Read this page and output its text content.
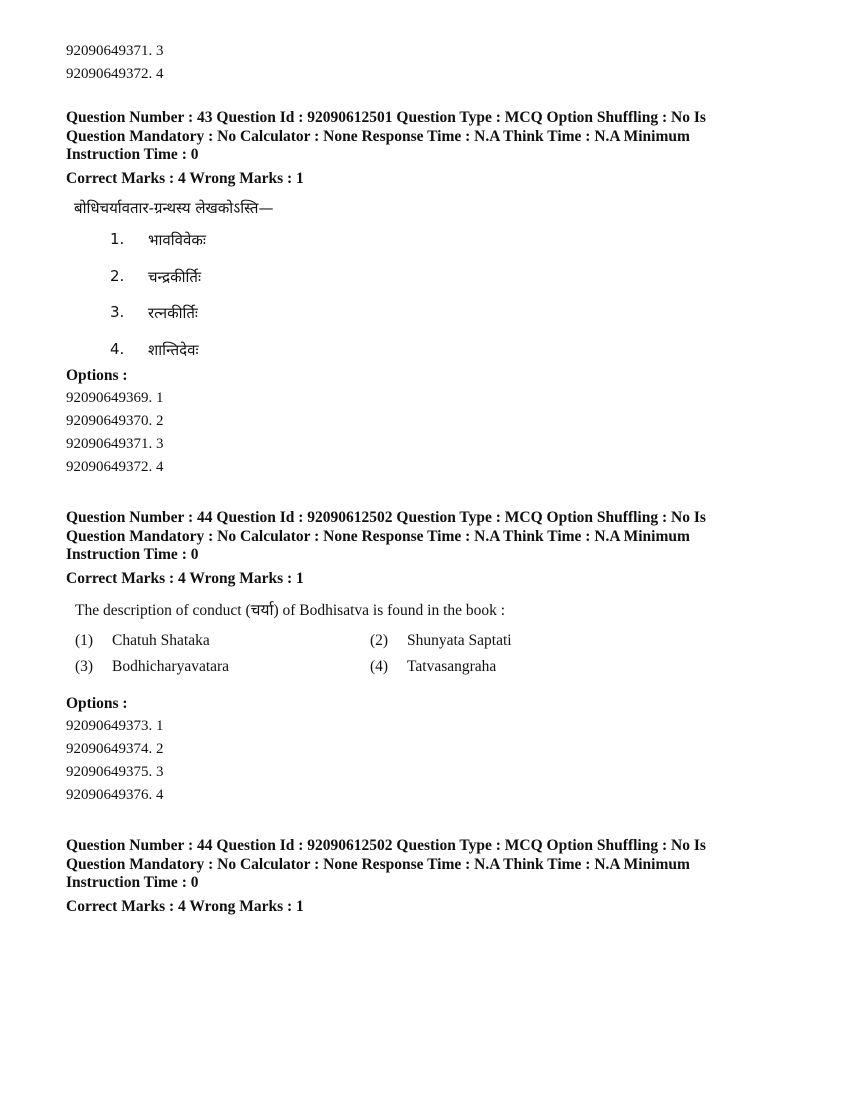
92090649371. 3
92090649372. 4
Question Number : 43 Question Id : 92090612501 Question Type : MCQ Option Shuffling : No Is
Question Mandatory : No Calculator : None Response Time : N.A Think Time : N.A Minimum
Instruction Time : 0
Correct Marks : 4 Wrong Marks : 1
बोधिचर्यावतार-ग्रन्थस्य लेखकोऽस्ति—
1.	भावविवेकः
2.	चन्द्रकीर्तिः
3.	रत्नकीर्तिः
4.	शान्तिदेवः
Options :
92090649369. 1
92090649370. 2
92090649371. 3
92090649372. 4
Question Number : 44 Question Id : 92090612502 Question Type : MCQ Option Shuffling : No Is
Question Mandatory : No Calculator : None Response Time : N.A Think Time : N.A Minimum
Instruction Time : 0
Correct Marks : 4 Wrong Marks : 1
The description of conduct (चर्या) of Bodhisatva is found in the book :
(1)	Chatuh Shataka	(2)	Shunyata Saptati
(3)	Bodhicharyavatara	(4)	Tatvasangraha
Options :
92090649373. 1
92090649374. 2
92090649375. 3
92090649376. 4
Question Number : 44 Question Id : 92090612502 Question Type : MCQ Option Shuffling : No Is
Question Mandatory : No Calculator : None Response Time : N.A Think Time : N.A Minimum
Instruction Time : 0
Correct Marks : 4 Wrong Marks : 1
